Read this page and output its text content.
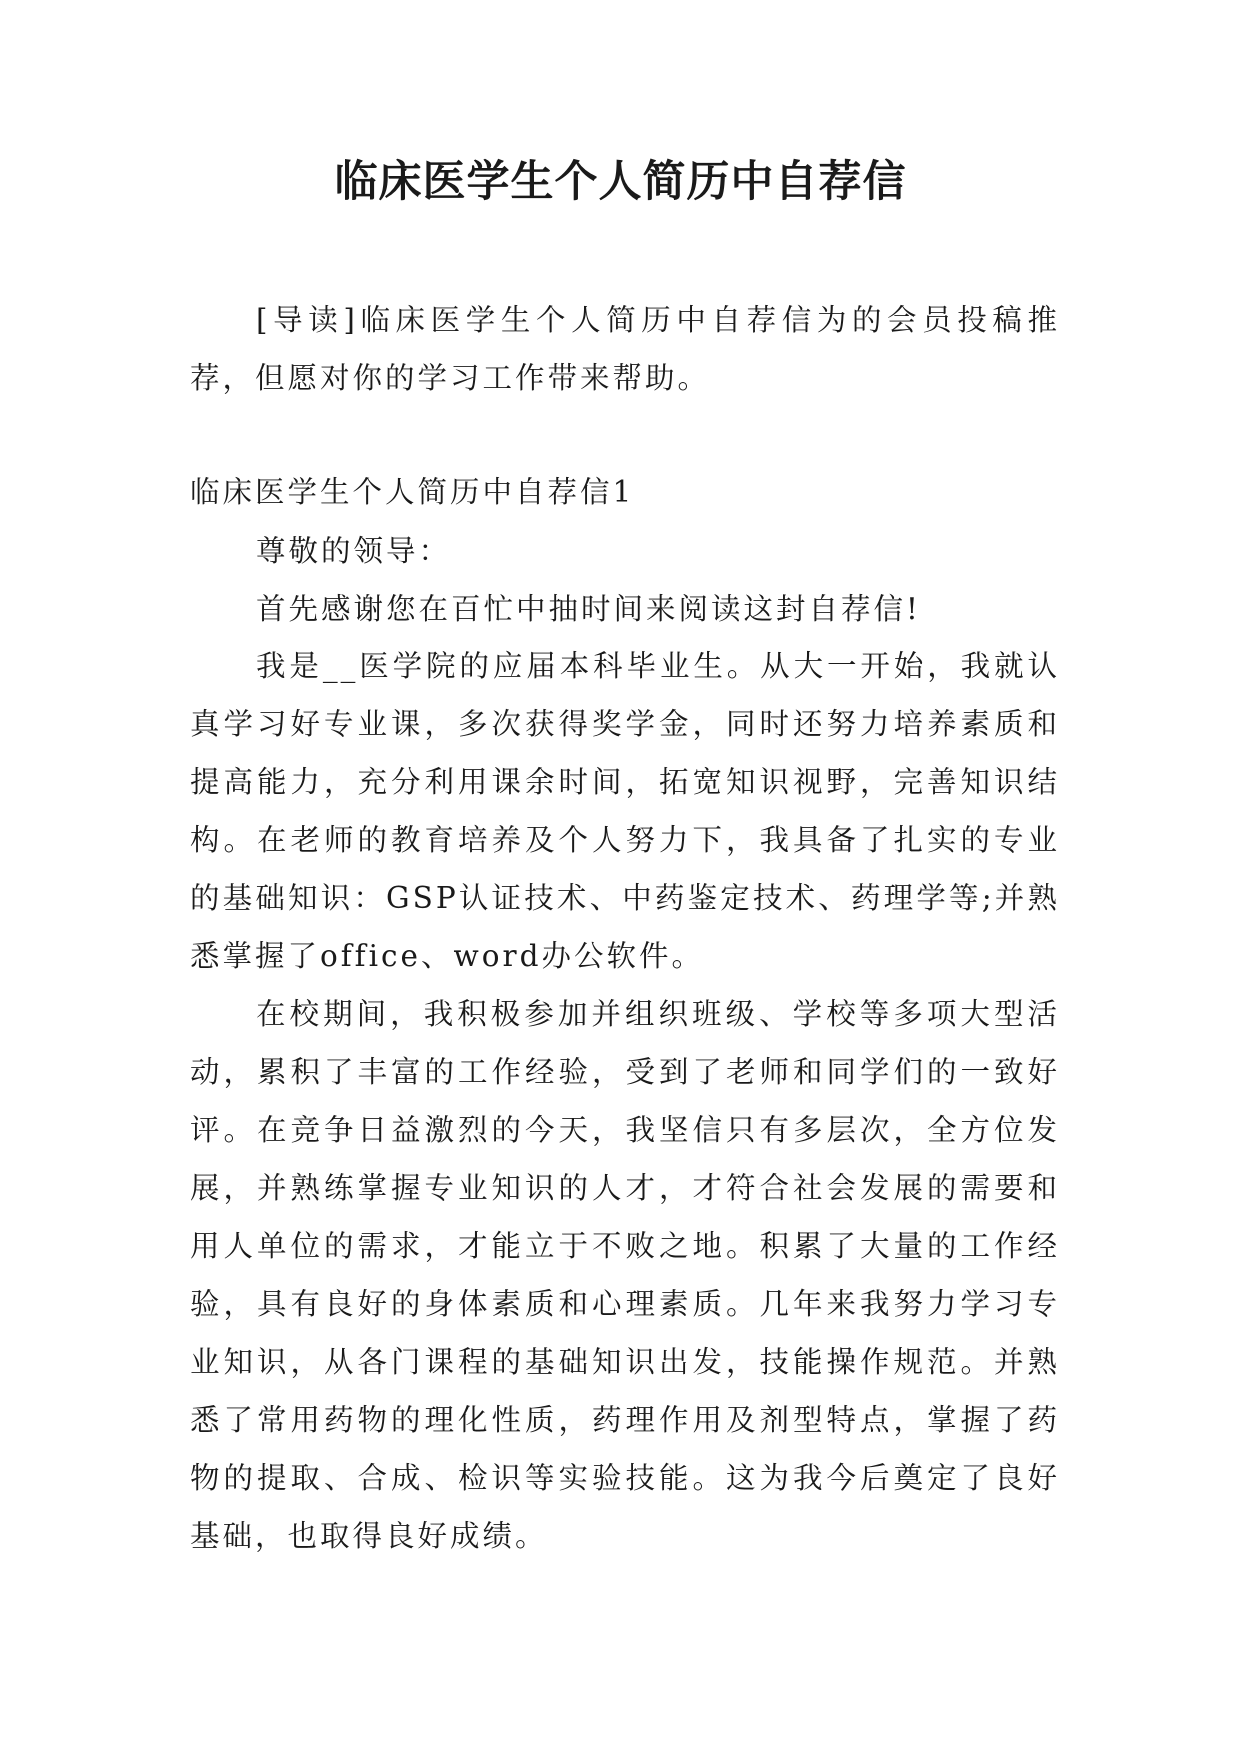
临床医学生个人简历中自荐信

[导读]临床医学生个人简历中自荐信为的会员投稿推荐，但愿对你的学习工作带来帮助。

临床医学生个人简历中自荐信1

尊敬的领导：

首先感谢您在百忙中抽时间来阅读这封自荐信!

我是__医学院的应届本科毕业生。从大一开始，我就认真学习好专业课，多次获得奖学金，同时还努力培养素质和提高能力，充分利用课余时间，拓宽知识视野，完善知识结构。在老师的教育培养及个人努力下，我具备了扎实的专业的基础知识：GSP认证技术、中药鉴定技术、药理学等;并熟悉掌握了office、word办公软件。

在校期间，我积极参加并组织班级、学校等多项大型活动，累积了丰富的工作经验，受到了老师和同学们的一致好评。在竞争日益激烈的今天，我坚信只有多层次，全方位发展，并熟练掌握专业知识的人才，才符合社会发展的需要和用人单位的需求，才能立于不败之地。积累了大量的工作经验，具有良好的身体素质和心理素质。几年来我努力学习专业知识，从各门课程的基础知识出发，技能操作规范。并熟悉了常用药物的理化性质，药理作用及剂型特点，掌握了药物的提取、合成、检识等实验技能。这为我今后奠定了良好基础，也取得良好成绩。
